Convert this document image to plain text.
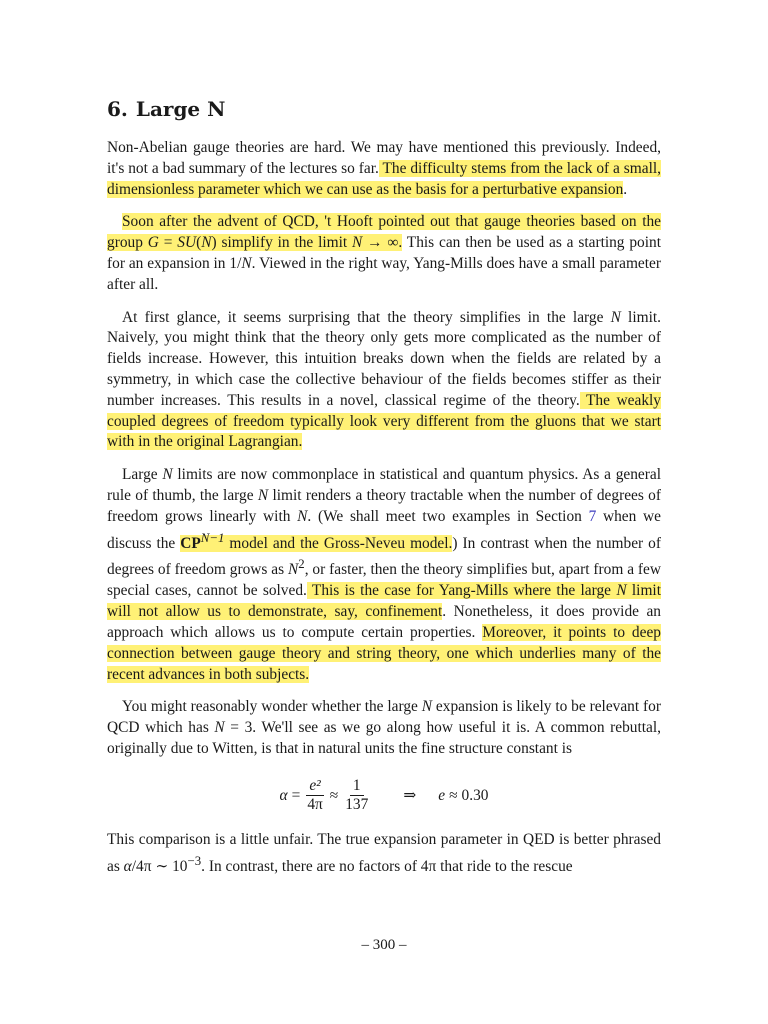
6. Large N

Non-Abelian gauge theories are hard. We may have mentioned this previously. Indeed, it's not a bad summary of the lectures so far. The difficulty stems from the lack of a small, dimensionless parameter which we can use as the basis for a perturbative expansion.

Soon after the advent of QCD, 't Hooft pointed out that gauge theories based on the group G = SU(N) simplify in the limit N → ∞. This can then be used as a starting point for an expansion in 1/N. Viewed in the right way, Yang-Mills does have a small parameter after all.

At first glance, it seems surprising that the theory simplifies in the large N limit. Naively, you might think that the theory only gets more complicated as the number of fields increase. However, this intuition breaks down when the fields are related by a symmetry, in which case the collective behaviour of the fields becomes stiffer as their number increases. This results in a novel, classical regime of the theory. The weakly coupled degrees of freedom typically look very different from the gluons that we start with in the original Lagrangian.

Large N limits are now commonplace in statistical and quantum physics. As a general rule of thumb, the large N limit renders a theory tractable when the number of degrees of freedom grows linearly with N. (We shall meet two examples in Section 7 when we discuss the $CP^{N-1}$ model and the Gross-Neveu model.) In contrast when the number of degrees of freedom grows as $N^2$, or faster, then the theory simplifies but, apart from a few special cases, cannot be solved. This is the case for Yang-Mills where the large N limit will not allow us to demonstrate, say, confinement. Nonetheless, it does provide an approach which allows us to compute certain properties. Moreover, it points to deep connection between gauge theory and string theory, one which underlies many of the recent advances in both subjects.

You might reasonably wonder whether the large N expansion is likely to be relevant for QCD which has N = 3. We'll see as we go along how useful it is. A common rebuttal, originally due to Witten, is that in natural units the fine structure constant is

$\alpha = \frac{\text{e²}}{4\pi} \approx \frac{1}{137}$ ⇒ e ≈ 0.30

This comparison is a little unfair. The true expansion parameter in QED is better phrased as α/4π ∼ $10^{-3}$. In contrast, there are no factors of 4π that ride to the rescue

– 300 –
